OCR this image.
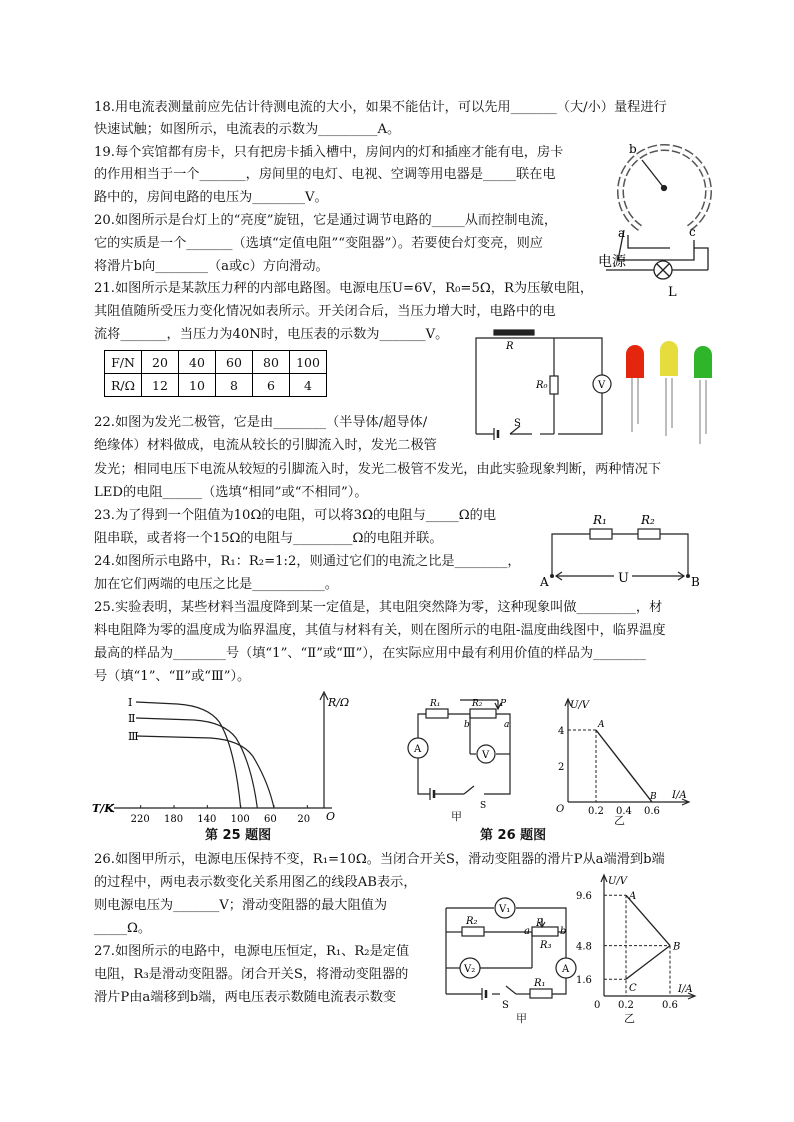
18.用电流表测量前应先估计待测电流的大小，如果不能估计，可以先用_______（大/小）量程进行
快速试触；如图所示，电流表的示数为_________A。
19.每个宾馆都有房卡，只有把房卡插入槽中，房间内的灯和插座才能有电，房卡
的作用相当于一个_______，房间里的电灯、电视、空调等用电器是_____联在电
路中的，房间电路的电压为________V。
20.如图所示是台灯上的“亮度”旋钮，它是通过调节电路的_____从而控制电流，
它的实质是一个_______（选填“定值电阻”“变阻器”）。若要使台灯变亮，则应
将滑片b向________（a或c）方向滑动。
21.如图所示是某款压力秤的内部电路图。电源电压U=6V，R₀=5Ω，R为压敏电阻，
其阻值随所受压力变化情况如表所示。开关闭合后，当压力增大时，电路中的电
流将_______，当压力为40N时，电压表的示数为_______V。
F/N	20	40	60	80	100
R/Ω	12	10	8	6	4
22.如图为发光二极管，它是由________（半导体/超导体/
绝缘体）材料做成，电流从较长的引脚流入时，发光二极管
发光；相同电压下电流从较短的引脚流入时，发光二极管不发光，由此实验现象判断，两种情况下
LED的电阻______（选填“相同”或“不相同”）。
23.为了得到一个阻值为10Ω的电阻，可以将3Ω的电阻与_____Ω的电
阻串联，或者将一个15Ω的电阻与_________Ω的电阻并联。
24.如图所示电路中，R₁：R₂=1:2，则通过它们的电流之比是________，
加在它们两端的电压之比是___________。
25.实验表明，某些材料当温度降到某一定值是，其电阻突然降为零，这种现象叫做_________，材
料电阻降为零的温度成为临界温度，其值与材料有关，则在图所示的电阻-温度曲线图中，临界温度
最高的样品为________号（填“1”、“Ⅱ”或“Ⅲ”），在实际应用中最有利用价值的样品为________
号（填“1”、“Ⅱ”或“Ⅲ”）。
26.如图甲所示，电源电压保持不变，R₁=10Ω。当闭合开关S，滑动变阻器的滑片P从a端滑到b端
的过程中，两电表示数变化关系用图乙的线段AB表示，
则电源电压为_______V；滑动变阻器的最大阻值为
_____Ω。
27.如图所示的电路中，电源电压恒定，R₁、R₂是定值
电阻，R₃是滑动变阻器。闭合开关S，将滑动变阻器的
滑片P由a端移到b端，两电压表示数随电流表示数变
b
a	c
电源
L
R
R₀	V
S
R₁	R₂
A	U	B
220 180 140 100 60 20
Ⅰ
Ⅱ
Ⅲ
R/Ω
T/K
O
第 25 题图
R₁	R₂ P
b	a
A
V
S
甲
第 26 题图
4
2
0.2 0.4 0.6
A
B
U/V
I/A
O
乙
V₁
R₂
a
P
b
R₃
A
V₂
S
R₁
甲
9.6
4.8
1.6
0.2	0.6
A
B
C
U/V
I/A
0
乙
